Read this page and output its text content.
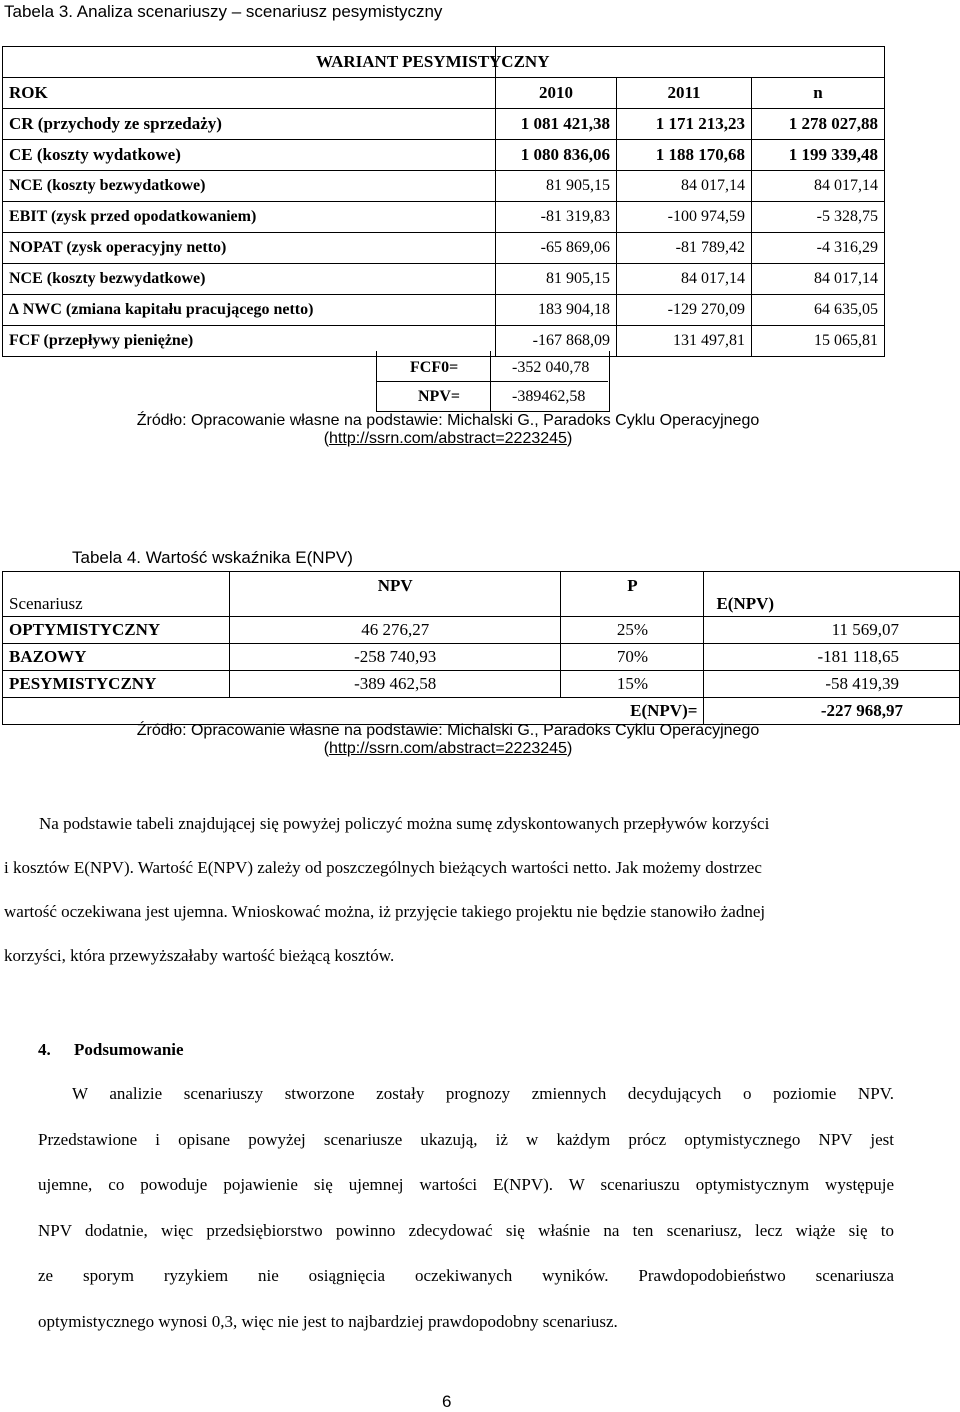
Tabela 3. Analiza scenariuszy – scenariusz pesymistyczny
	WARIANT PESYMISTYCZNY		
ROK	2010	2011	n
CR (przychody ze sprzedaży)	1 081 421,38	1 171 213,23	1 278 027,88
CE (koszty wydatkowe)	1 080 836,06	1 188 170,68	1 199 339,48
NCE (koszty bezwydatkowe)	81 905,15	84 017,14	84 017,14
EBIT (zysk przed opodatkowaniem)	-81 319,83	-100 974,59	-5 328,75
NOPAT (zysk operacyjny netto)	-65 869,06	-81 789,42	-4 316,29
NCE (koszty bezwydatkowe)	81 905,15	84 017,14	84 017,14
∆ NWC (zmiana kapitału pracującego netto)	183 904,18	-129 270,09	64 635,05
FCF (przepływy pieniężne)	-167 868,09	131 497,81	15 065,81
FCF0=	-352 040,78
NPV=	-389462,58
Źródło: Opracowanie własne na podstawie: Michalski G., Paradoks Cyklu Operacyjnego
(http://ssrn.com/abstract=2223245)
Tabela 4. Wartość wskaźnika E(NPV)
Scenariusz	NPV	P	E(NPV)
OPTYMISTYCZNY	46 276,27	25%	11 569,07
BAZOWY	-258 740,93	70%	-181 118,65
PESYMISTYCZNY	-389 462,58	15%	-58 419,39
		E(NPV)=	-227 968,97
Źródło: Opracowanie własne na podstawie: Michalski G., Paradoks Cyklu Operacyjnego
(http://ssrn.com/abstract=2223245)
Na podstawie tabeli znajdującej się powyżej policzyć można sumę zdyskontowanych przepływów korzyści
i kosztów E(NPV). Wartość E(NPV) zależy od poszczególnych bieżących wartości netto. Jak możemy dostrzec
wartość oczekiwana jest ujemna. Wnioskować można, iż przyjęcie takiego projektu nie będzie stanowiło żadnej
korzyści, która przewyższałaby wartość bieżącą kosztów.
4. Podsumowanie
W analizie scenariuszy stworzone zostały prognozy zmiennych decydujących o poziomie NPV.
Przedstawione i opisane powyżej scenariusze ukazują, iż w każdym prócz optymistycznego NPV jest
ujemne, co powoduje pojawienie się ujemnej wartości E(NPV). W scenariuszu optymistycznym występuje
NPV dodatnie, więc przedsiębiorstwo powinno zdecydować się właśnie na ten scenariusz, lecz wiąże się to
ze sporym ryzykiem nie osiągnięcia oczekiwanych wyników. Prawdopodobieństwo scenariusza
optymistycznego wynosi 0,3, więc nie jest to najbardziej prawdopodobny scenariusz.
6
